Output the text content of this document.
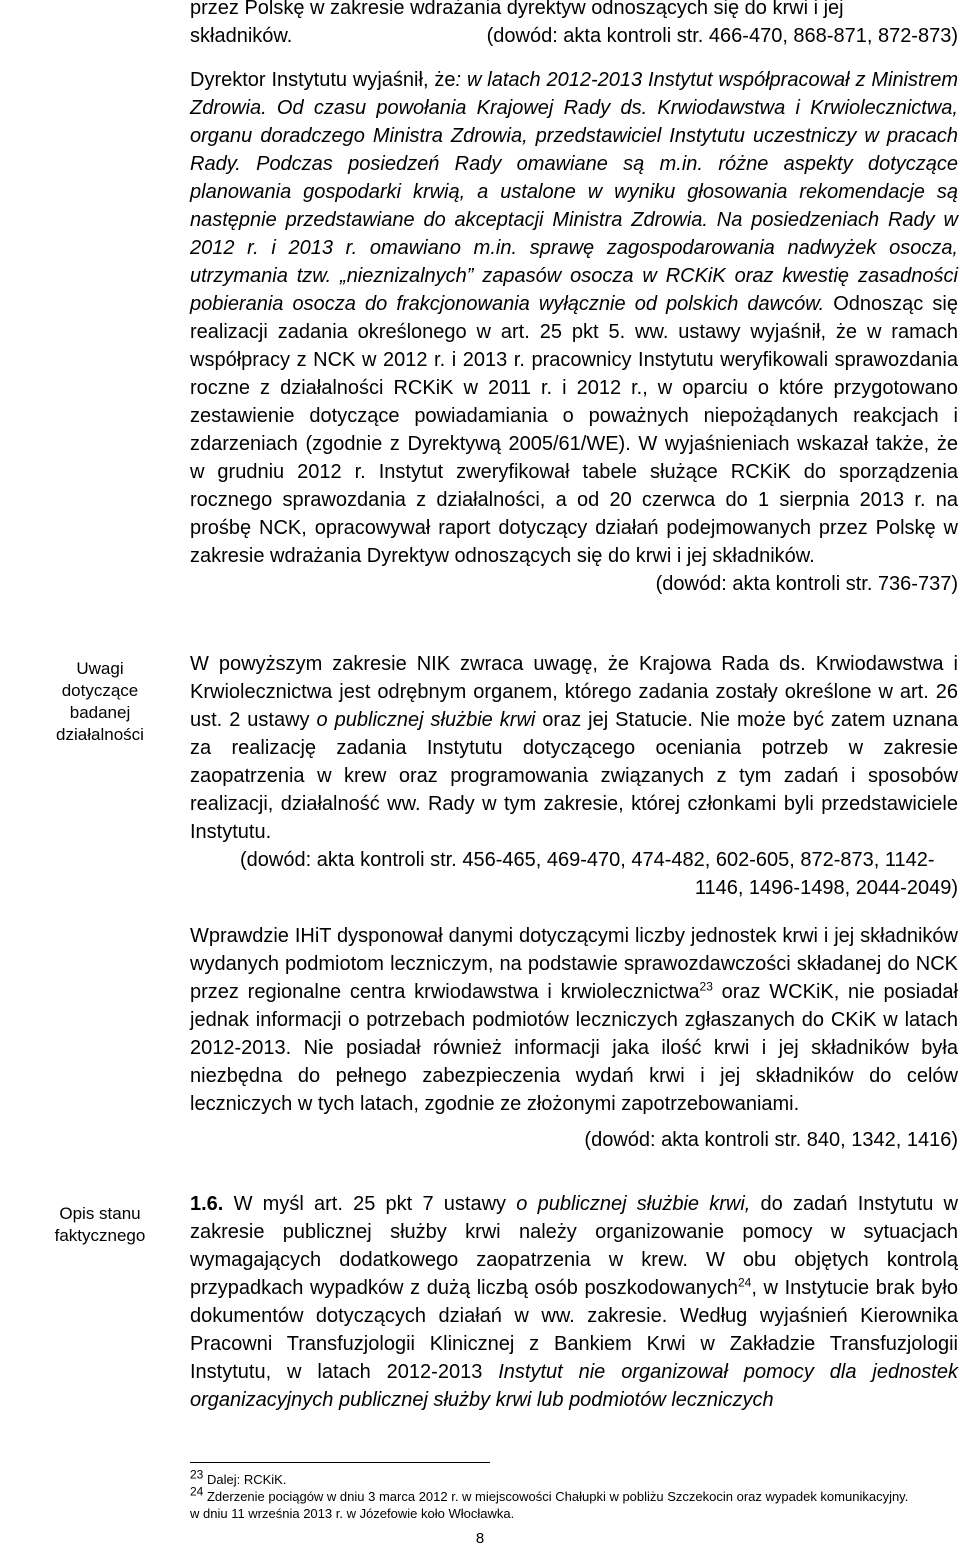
Uwagi dotyczące
badanej działalności
Opis stanu
faktycznego

przez Polskę w zakresie wdrażania dyrektyw odnoszących się do krwi i jej

składników.	(dowód: akta kontroli str. 466-470, 868-871, 872-873)

Dyrektor Instytutu wyjaśnił, że: w latach 2012-2013 Instytut współpracował z Ministrem Zdrowia. Od czasu powołania Krajowej Rady ds. Krwiodawstwa i Krwiolecznictwa, organu doradczego Ministra Zdrowia, przedstawiciel Instytutu uczestniczy w pracach Rady. Podczas posiedzeń Rady omawiane są m.in. różne aspekty dotyczące planowania gospodarki krwią, a ustalone w wyniku głosowania rekomendacje są następnie przedstawiane do akceptacji Ministra Zdrowia. Na posiedzeniach Rady w 2012 r. i 2013 r. omawiano m.in. sprawę zagospodarowania nadwyżek osocza, utrzymania tzw. „nieznizalnych” zapasów osocza w RCKiK oraz kwestię zasadności pobierania osocza do frakcjonowania wyłącznie od polskich dawców. Odnosząc się realizacji zadania określonego w art. 25 pkt 5. ww. ustawy wyjaśnił, że w ramach współpracy z NCK w 2012 r. i 2013 r. pracownicy Instytutu weryfikowali sprawozdania roczne z działalności RCKiK w 2011 r. i 2012 r., w oparciu o które przygotowano zestawienie dotyczące powiadamiania o poważnych niepożądanych reakcjach i zdarzeniach (zgodnie z Dyrektywą 2005/61/WE). W wyjaśnieniach wskazał także, że w grudniu 2012 r. Instytut zweryfikował tabele służące RCKiK do sporządzenia rocznego sprawozdania z działalności, a od 20 czerwca do 1 sierpnia 2013 r. na prośbę NCK, opracowywał raport dotyczący działań podejmowanych przez Polskę w zakresie wdrażania Dyrektyw odnoszących się do krwi i jej składników.

(dowód: akta kontroli str. 736-737)

W powyższym zakresie NIK zwraca uwagę, że Krajowa Rada ds. Krwiodawstwa i Krwiolecznictwa jest odrębnym organem, którego zadania zostały określone w art. 26 ust. 2 ustawy o publicznej służbie krwi oraz jej Statucie. Nie może być zatem uznana za realizację zadania Instytutu dotyczącego oceniania potrzeb w zakresie zaopatrzenia w krew oraz programowania związanych z tym zadań i sposobów realizacji, działalność ww. Rady w tym zakresie, której członkami byli przedstawiciele Instytutu.

(dowód: akta kontroli str. 456-465, 469-470, 474-482, 602-605, 872-873, 1142-

1146, 1496-1498, 2044-2049)

Wprawdzie IHiT dysponował danymi dotyczącymi liczby jednostek krwi i jej składników wydanych podmiotom leczniczym, na podstawie sprawozdawczości składanej do NCK przez regionalne centra krwiodawstwa i krwiolecznictwa$^{23}$ oraz WCKiK, nie posiadał jednak informacji o potrzebach podmiotów leczniczych zgłaszanych do CKiK w latach 2012-2013. Nie posiadał również informacji jaka ilość krwi i jej składników była niezbędna do pełnego zabezpieczenia wydań krwi i jej składników do celów leczniczych w tych latach, zgodnie ze złożonymi zapotrzebowaniami.

(dowód: akta kontroli str. 840, 1342, 1416)

1.6. W myśl art. 25 pkt 7 ustawy o publicznej służbie krwi, do zadań Instytutu w zakresie publicznej służby krwi należy organizowanie pomocy w sytuacjach wymagających dodatkowego zaopatrzenia w krew. W obu objętych kontrolą przypadkach wypadków z dużą liczbą osób poszkodowanych$^{24}$, w Instytucie brak było dokumentów dotyczących działań w ww. zakresie. Według wyjaśnień Kierownika Pracowni Transfuzjologii Klinicznej z Bankiem Krwi w Zakładzie Transfuzjologii Instytutu, w latach 2012-2013 Instytut nie organizował pomocy dla jednostek organizacyjnych publicznej służby krwi lub podmiotów leczniczych

$^{23}$ Dalej: RCKiK.
$^{24}$ Zderzenie pociągów w dniu 3 marca 2012 r. w miejscowości Chałupki w pobliżu Szczekocin oraz wypadek komunikacyjny.
w dniu 11 września 2013 r. w Józefowie koło Włocławka.
8
